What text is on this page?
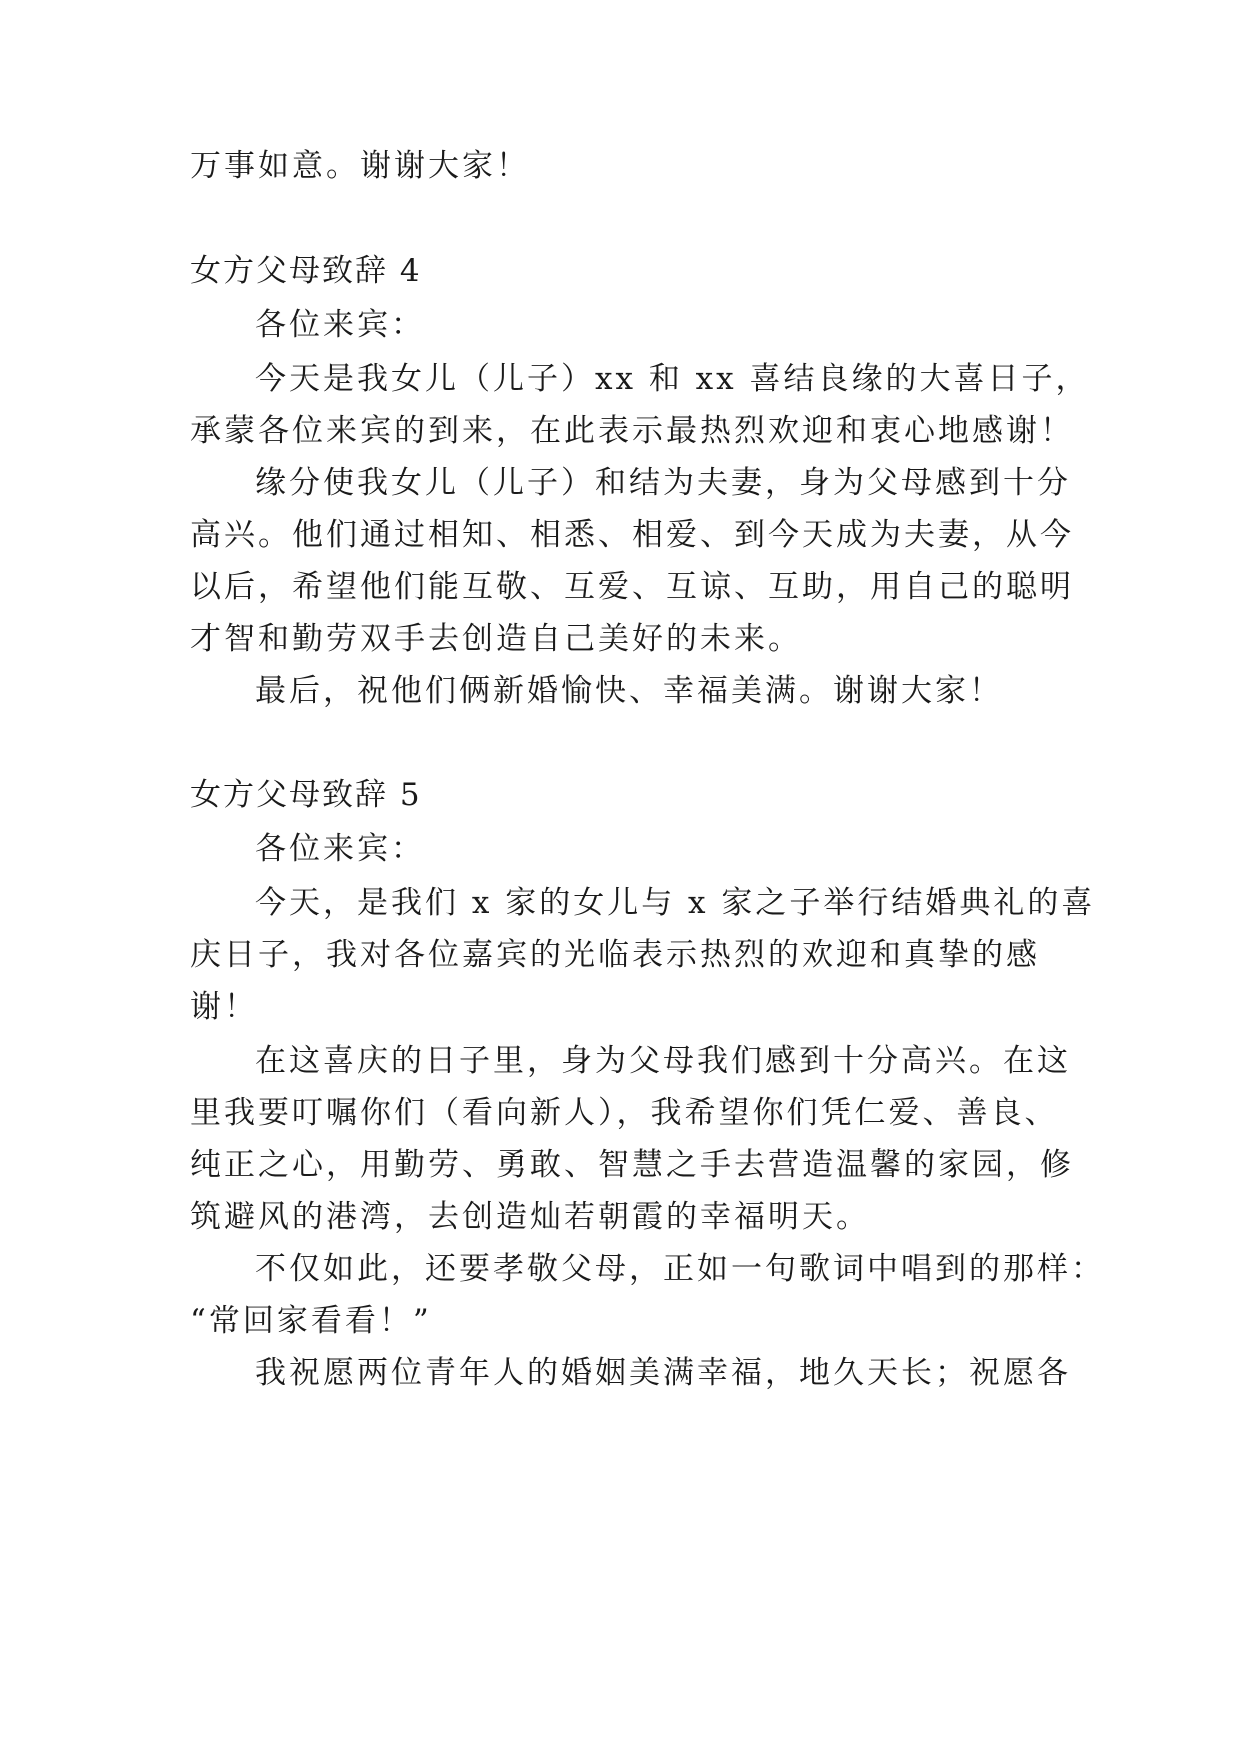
万事如意。谢谢大家！
女方父母致辞 4
各位来宾：
今天是我女儿（儿子）xx 和 xx 喜结良缘的大喜日子，
承蒙各位来宾的到来，在此表示最热烈欢迎和衷心地感谢！
缘分使我女儿（儿子）和结为夫妻，身为父母感到十分
高兴。他们通过相知、相悉、相爱、到今天成为夫妻，从今
以后，希望他们能互敬、互爱、互谅、互助，用自己的聪明
才智和勤劳双手去创造自己美好的未来。
最后，祝他们俩新婚愉快、幸福美满。谢谢大家！
女方父母致辞 5
各位来宾：
今天，是我们 x 家的女儿与 x 家之子举行结婚典礼的喜
庆日子，我对各位嘉宾的光临表示热烈的欢迎和真挚的感
谢！
在这喜庆的日子里，身为父母我们感到十分高兴。在这
里我要叮嘱你们（看向新人），我希望你们凭仁爱、善良、
纯正之心，用勤劳、勇敢、智慧之手去营造温馨的家园，修
筑避风的港湾，去创造灿若朝霞的幸福明天。
不仅如此，还要孝敬父母，正如一句歌词中唱到的那样：
“常回家看看！”
我祝愿两位青年人的婚姻美满幸福，地久天长；祝愿各
